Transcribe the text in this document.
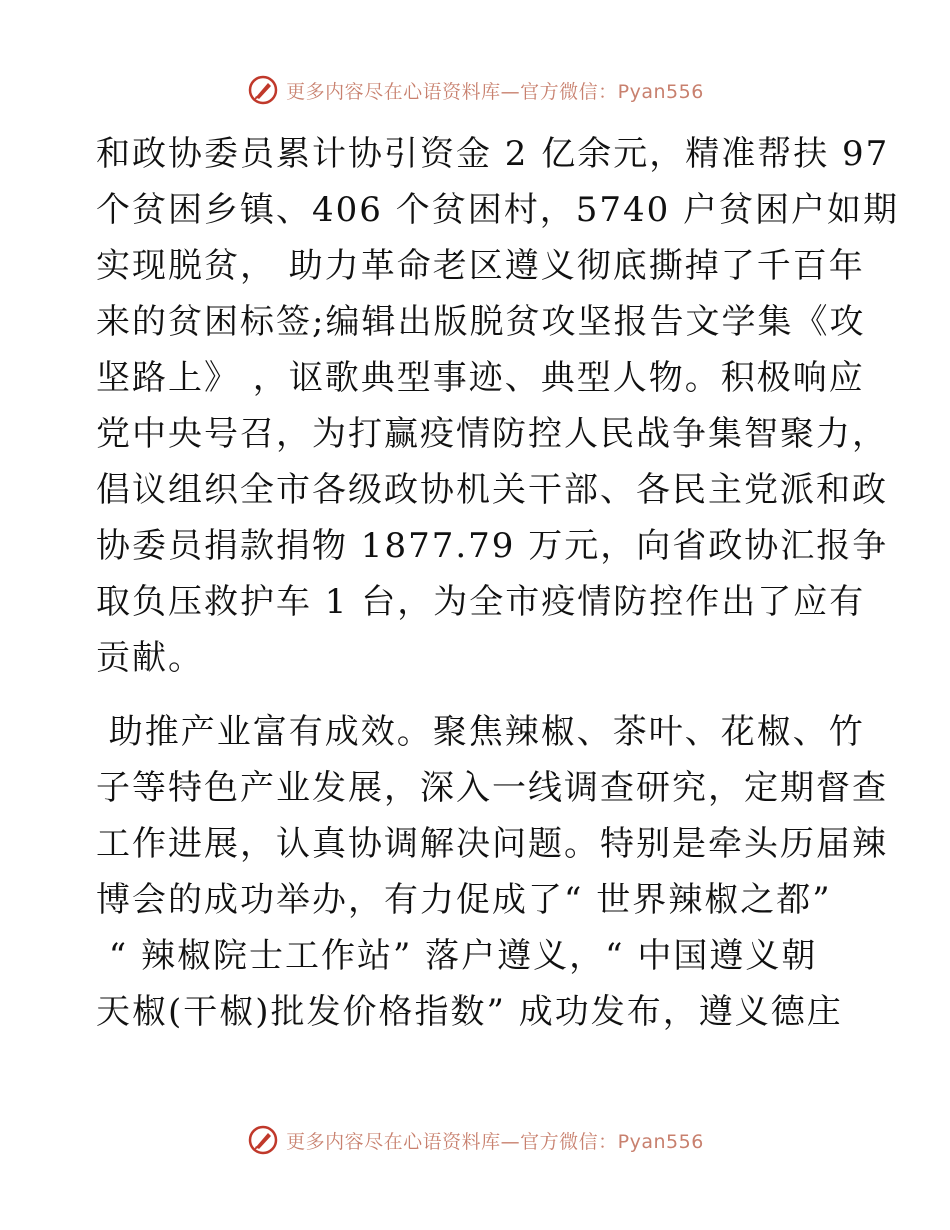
更多内容尽在心语资料库—官方微信：Pyan556
和政协委员累计协引资金 2 亿余元，精准帮扶 97
个贫困乡镇、406 个贫困村，5740 户贫困户如期
实现脱贫， 助力革命老区遵义彻底撕掉了千百年
来的贫困标签;编辑出版脱贫攻坚报告文学集《攻
坚路上》 ，讴歌典型事迹、典型人物。积极响应
党中央号召，为打赢疫情防控人民战争集智聚力，
倡议组织全市各级政协机关干部、各民主党派和政
协委员捐款捐物 1877.79 万元，向省政协汇报争
取负压救护车 1 台，为全市疫情防控作出了应有
贡献。
助推产业富有成效。聚焦辣椒、茶叶、花椒、竹
子等特色产业发展，深入一线调查研究，定期督查
工作进展，认真协调解决问题。特别是牵头历届辣
博会的成功举办，有力促成了“ 世界辣椒之都”
“ 辣椒院士工作站” 落户遵义，“ 中国遵义朝
天椒(干椒)批发价格指数” 成功发布，遵义德庄
更多内容尽在心语资料库—官方微信：Pyan556
